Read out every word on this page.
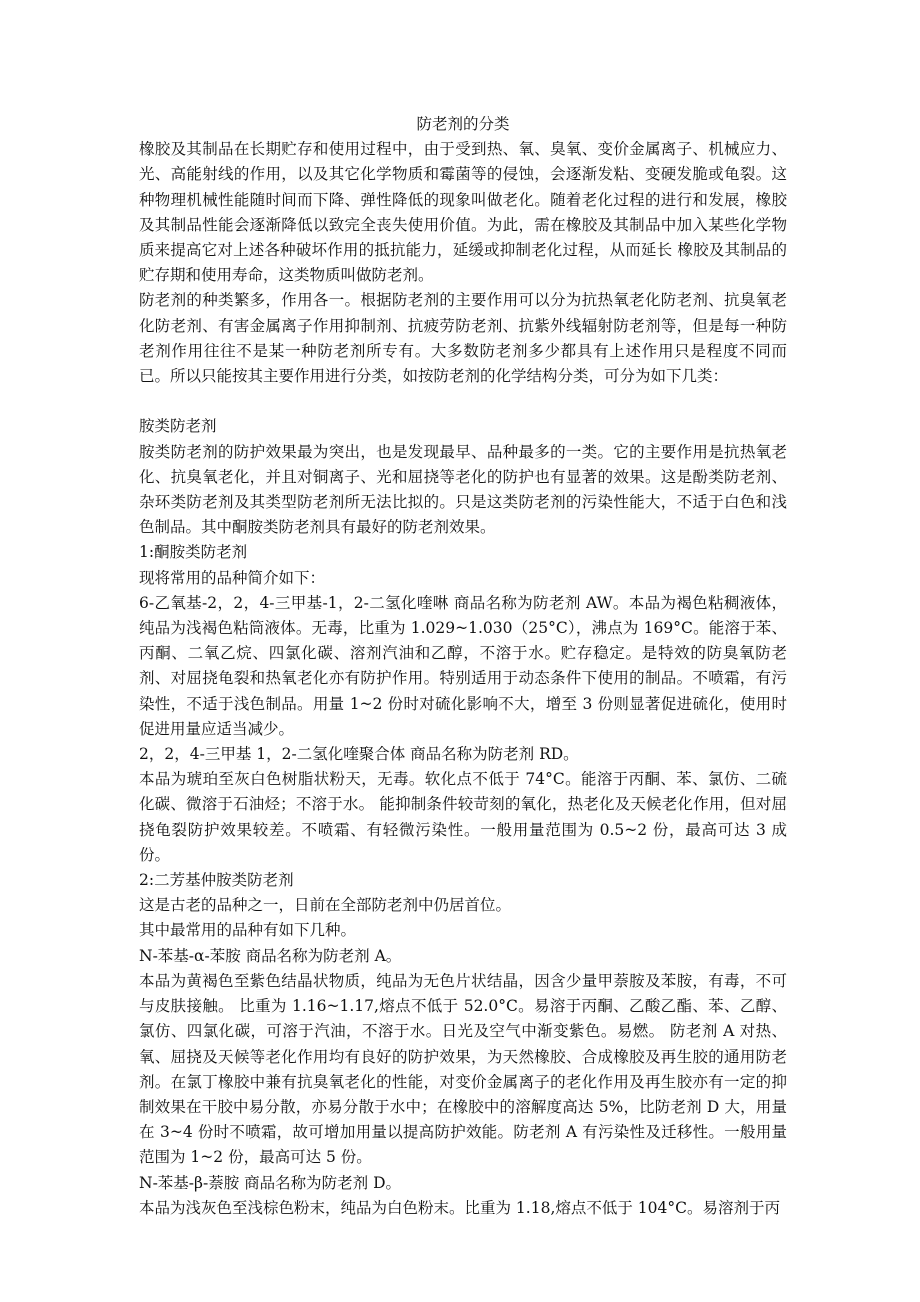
防老剂的分类

橡胶及其制品在长期贮存和使用过程中，由于受到热、氧、臭氧、变价金属离子、机械应力、光、高能射线的作用，以及其它化学物质和霉菌等的侵蚀，会逐渐发粘、变硬发脆或龟裂。这种物理机械性能随时间而下降、弹性降低的现象叫做老化。随着老化过程的进行和发展，橡胶及其制品性能会逐渐降低以致完全丧失使用价值。为此，需在橡胶及其制品中加入某些化学物质来提高它对上述各种破坏作用的抵抗能力，延缓或抑制老化过程，从而延长 橡胶及其制品的贮存期和使用寿命，这类物质叫做防老剂。

防老剂的种类繁多，作用各一。根据防老剂的主要作用可以分为抗热氧老化防老剂、抗臭氧老化防老剂、有害金属离子作用抑制剂、抗疲劳防老剂、抗紫外线辐射防老剂等，但是每一种防老剂作用往往不是某一种防老剂所专有。大多数防老剂多少都具有上述作用只是程度不同而已。所以只能按其主要作用进行分类，如按防老剂的化学结构分类，可分为如下几类：

胺类防老剂

胺类防老剂的防护效果最为突出，也是发现最早、品种最多的一类。它的主要作用是抗热氧老化、抗臭氧老化，并且对铜离子、光和屈挠等老化的防护也有显著的效果。这是酚类防老剂、杂环类防老剂及其类型防老剂所无法比拟的。只是这类防老剂的污染性能大，不适于白色和浅色制品。其中酮胺类防老剂具有最好的防老剂效果。

1:酮胺类防老剂

现将常用的品种简介如下：

6-乙氧基-2，2，4-三甲基-1，2-二氢化喹啉 商品名称为防老剂 AW。本品为褐色粘稠液体，纯品为浅褐色粘筒液体。无毒，比重为 1.029~1.030（25°C），沸点为 169°C。能溶于苯、丙酮、二氧乙烷、四氯化碳、溶剂汽油和乙醇，不溶于水。贮存稳定。是特效的防臭氧防老剂、对屈挠龟裂和热氧老化亦有防护作用。特别适用于动态条件下使用的制品。不喷霜，有污染性，不适于浅色制品。用量 1~2 份时对硫化影响不大，增至 3 份则显著促进硫化，使用时促进用量应适当减少。

2，2，4-三甲基 1，2-二氢化喹聚合体 商品名称为防老剂 RD。

本品为琥珀至灰白色树脂状粉天，无毒。软化点不低于 74°C。能溶于丙酮、苯、氯仿、二硫化碳、微溶于石油烃；不溶于水。 能抑制条件较苛刻的氧化，热老化及天候老化作用，但对屈挠龟裂防护效果较差。不喷霜、有轻微污染性。一般用量范围为 0.5~2 份，最高可达 3 成份。

2:二芳基仲胺类防老剂

这是古老的品种之一，日前在全部防老剂中仍居首位。

其中最常用的品种有如下几种。

N-苯基-α-苯胺 商品名称为防老剂 A。

本品为黄褐色至紫色结晶状物质，纯品为无色片状结晶，因含少量甲萘胺及苯胺，有毒，不可与皮肤接触。 比重为 1.16~1.17,熔点不低于 52.0°C。易溶于丙酮、乙酸乙酯、苯、乙醇、氯仿、四氯化碳，可溶于汽油，不溶于水。日光及空气中渐变紫色。易燃。 防老剂 A 对热、氧、屈挠及天候等老化作用均有良好的防护效果，为天然橡胶、合成橡胶及再生胶的通用防老剂。在氯丁橡胶中兼有抗臭氧老化的性能，对变价金属离子的老化作用及再生胶亦有一定的抑制效果在干胶中易分散，亦易分散于水中；在橡胶中的溶解度高达 5%，比防老剂 D 大，用量在 3~4 份时不喷霜，故可增加用量以提高防护效能。防老剂 A 有污染性及迁移性。一般用量范围为 1~2 份，最高可达 5 份。

N-苯基-β-萘胺 商品名称为防老剂 D。

本品为浅灰色至浅棕色粉末，纯品为白色粉末。比重为 1.18,熔点不低于 104°C。易溶剂于丙
